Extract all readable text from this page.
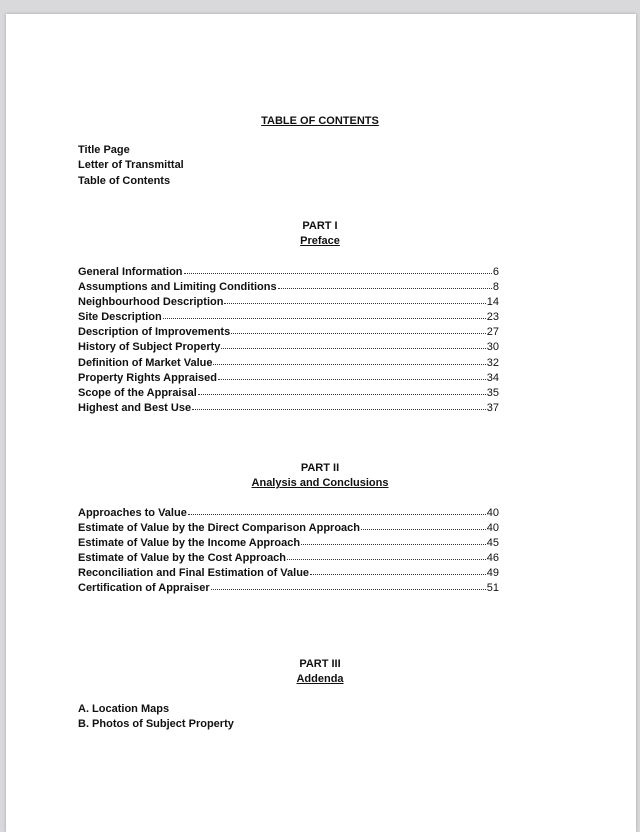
TABLE OF CONTENTS
Title Page
Letter of Transmittal
Table of Contents
PART I
Preface
General Information	6
Assumptions and Limiting Conditions	8
Neighbourhood Description	14
Site Description	23
Description of Improvements	27
History of Subject Property	30
Definition of Market Value	32
Property Rights Appraised	34
Scope of the Appraisal	35
Highest and Best Use	37
PART II
Analysis and Conclusions
Approaches to Value	40
Estimate of Value by the Direct Comparison Approach	40
Estimate of Value by the Income Approach	45
Estimate of Value by the Cost Approach	46
Reconciliation and Final Estimation of Value	49
Certification of Appraiser	51
PART III
Addenda
A. Location Maps
B. Photos of Subject Property
